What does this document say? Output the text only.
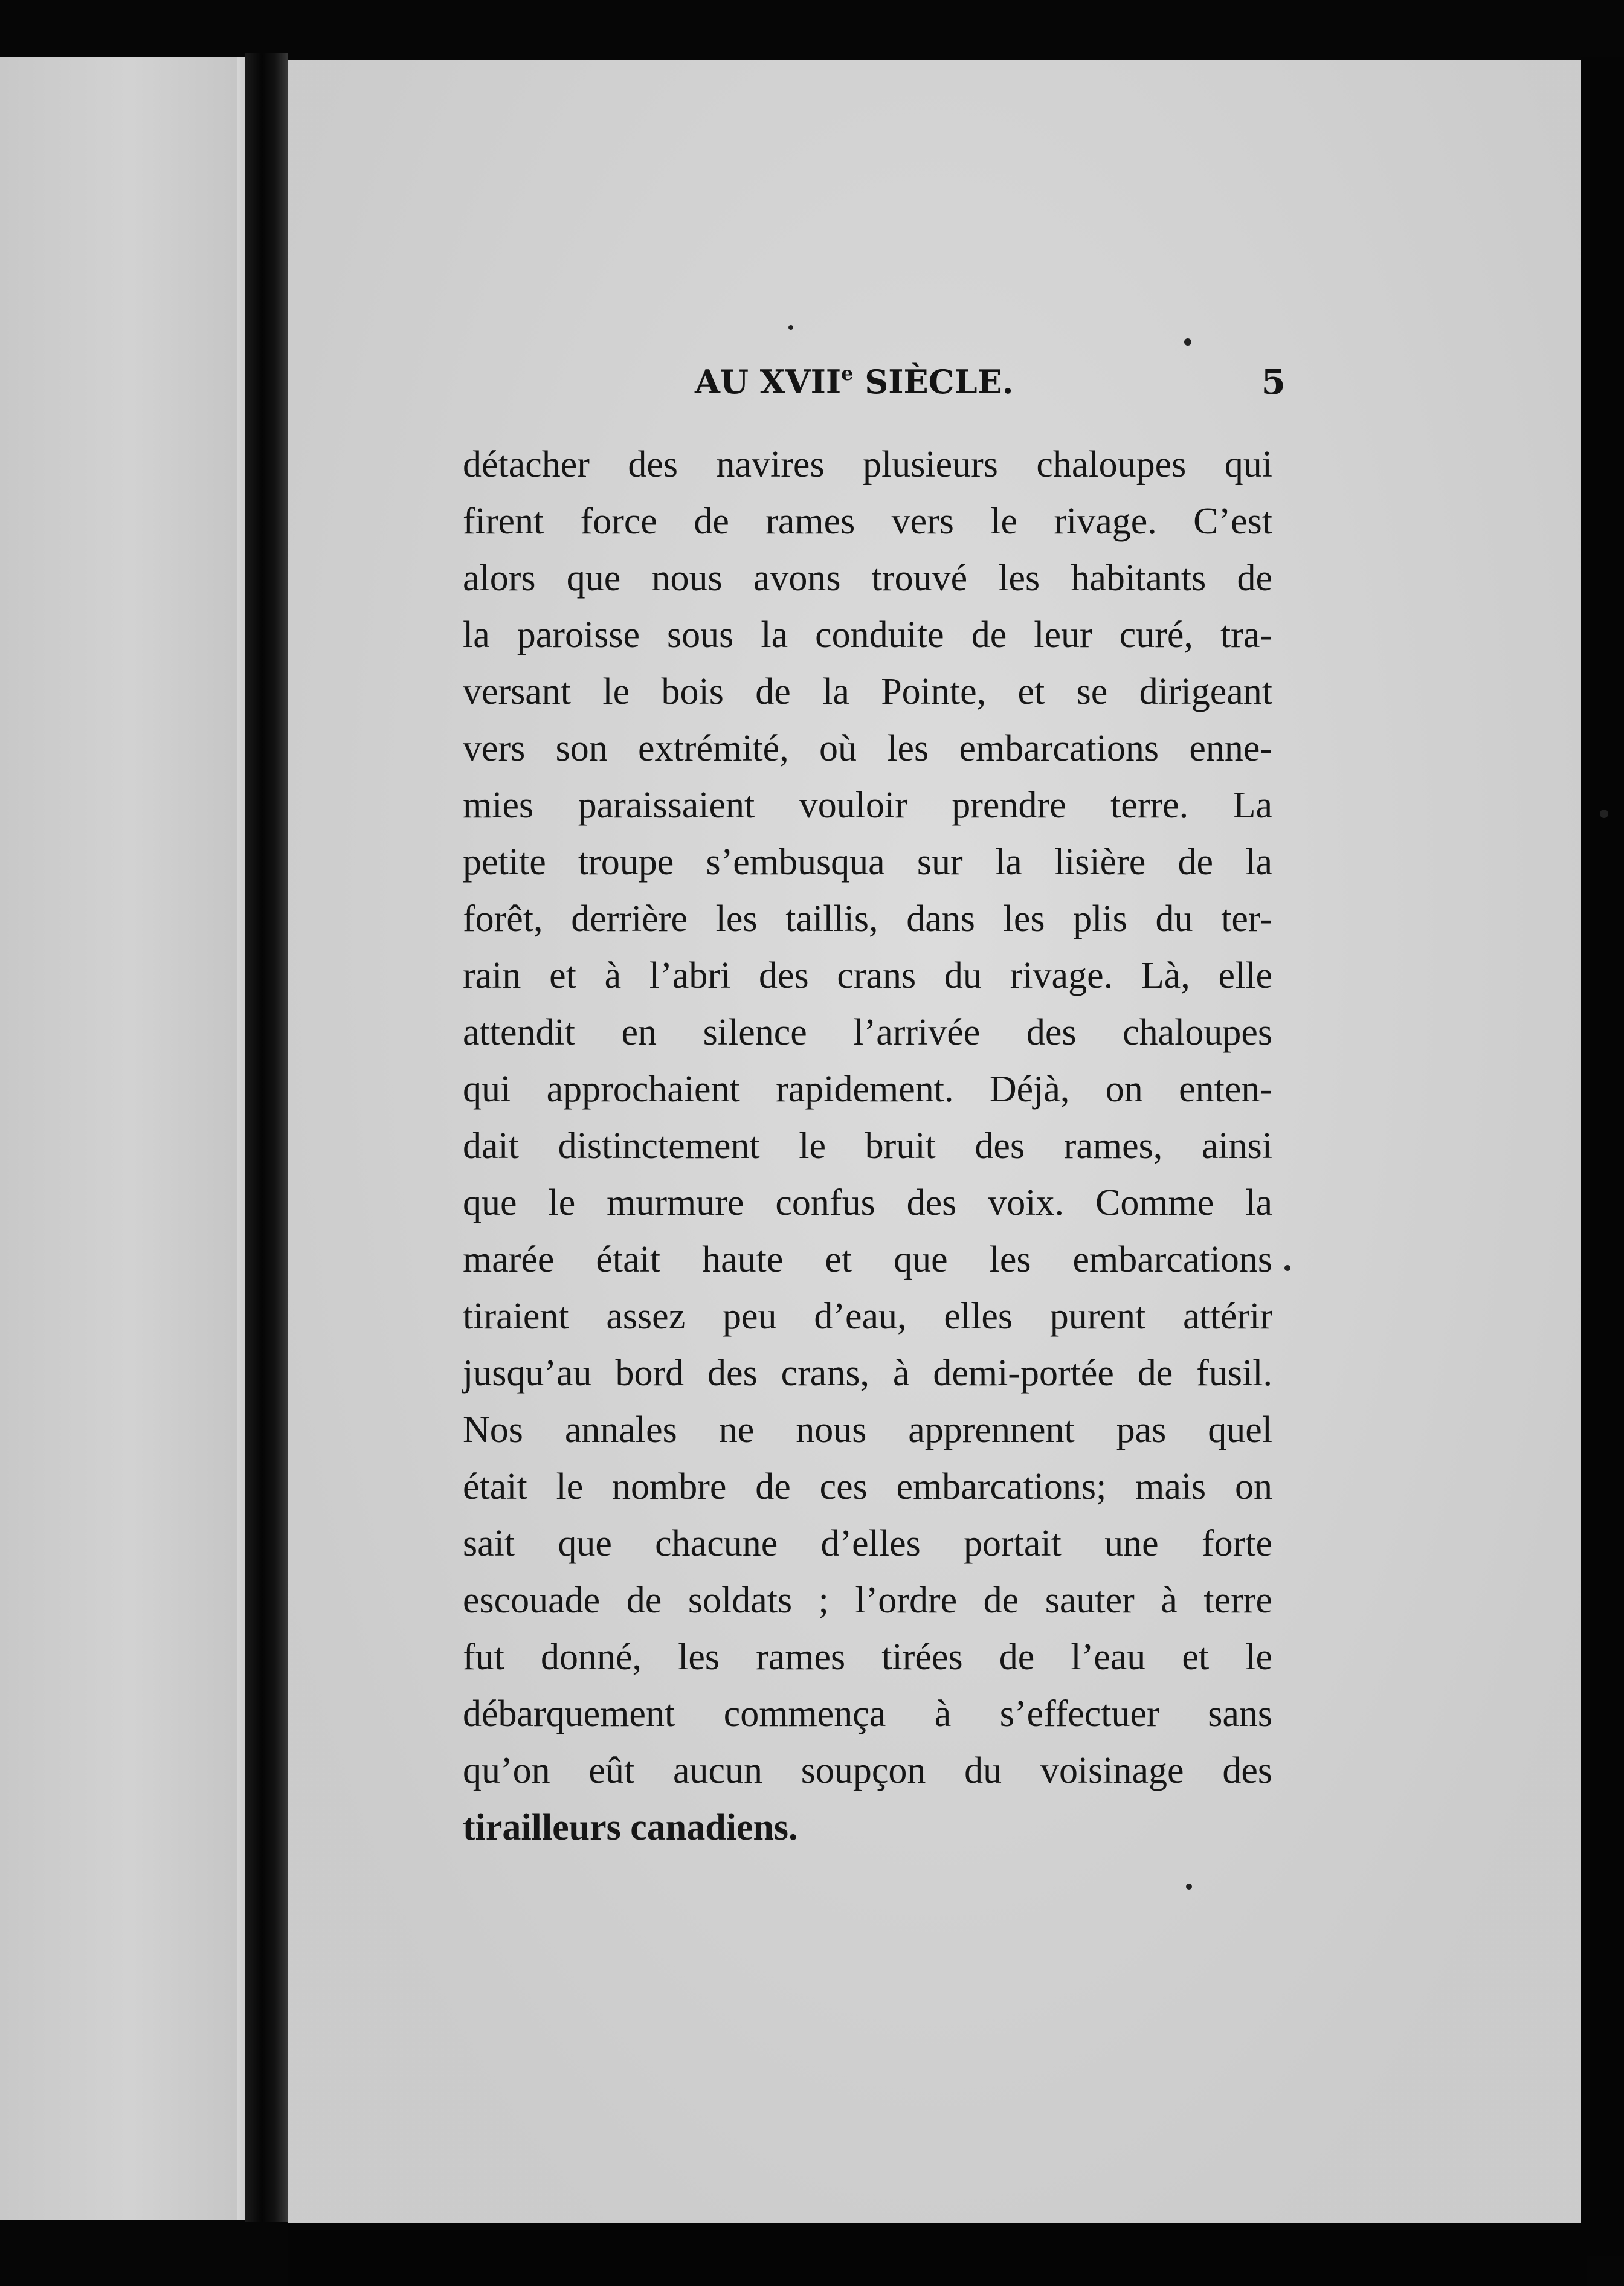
AU XVIIe SIÈCLE.	5
détacher des navires plusieurs chaloupes qui
firent force de rames vers le rivage. C’est
alors que nous avons trouvé les habitants de
la paroisse sous la conduite de leur curé, tra-
versant le bois de la Pointe, et se dirigeant
vers son extrémité, où les embarcations enne-
mies paraissaient vouloir prendre terre. La
petite troupe s’embusqua sur la lisière de la
forêt, derrière les taillis, dans les plis du ter-
rain et à l’abri des crans du rivage. Là, elle
attendit en silence l’arrivée des chaloupes
qui approchaient rapidement. Déjà, on enten-
dait distinctement le bruit des rames, ainsi
que le murmure confus des voix. Comme la
marée était haute et que les embarcations
tiraient assez peu d’eau, elles purent attérir
jusqu’au bord des crans, à demi-portée de fusil.
Nos annales ne nous apprennent pas quel
était le nombre de ces embarcations; mais on
sait que chacune d’elles portait une forte
escouade de soldats ; l’ordre de sauter à terre
fut donné, les rames tirées de l’eau et le
débarquement commença à s’effectuer sans
qu’on eût aucun soupçon du voisinage des
tirailleurs canadiens.
